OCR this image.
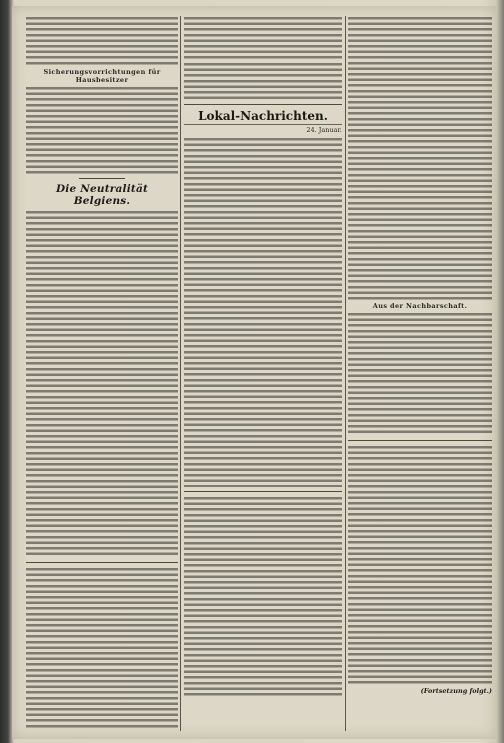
Sicherungsvorrichtungen für Hausbesitzer
Die Neutralität Belgiens.
Lokal-Nachrichten.
24. Januar.
Aus der Nachbarschaft.
(Fortsetzung folgt.)
